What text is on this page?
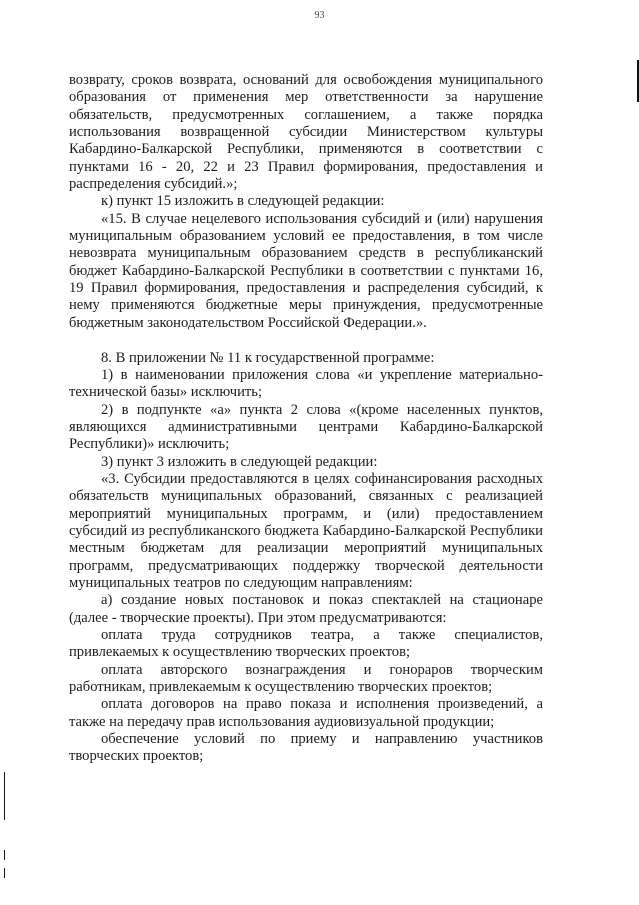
93

возврату, сроков возврата, оснований для освобождения муниципального образования от применения мер ответственности за нарушение обязательств, предусмотренных соглашением, а также порядка использования возвращенной субсидии Министерством культуры Кабардино-Балкарской Республики, применяются в соответствии с пунктами 16 - 20, 22 и 23 Правил формирования, предоставления и распределения субсидий.»;

к) пункт 15 изложить в следующей редакции:

«15. В случае нецелевого использования субсидий и (или) нарушения муниципальным образованием условий ее предоставления, в том числе невозврата муниципальным образованием средств в республиканский бюджет Кабардино-Балкарской Республики в соответствии с пунктами 16, 19 Правил формирования, предоставления и распределения субсидий, к нему применяются бюджетные меры принуждения, предусмотренные бюджетным законодательством Российской Федерации.».

8. В приложении № 11 к государственной программе:

1) в наименовании приложения слова «и укрепление материально-технической базы» исключить;

2) в подпункте «а» пункта 2 слова «(кроме населенных пунктов, являющихся административными центрами Кабардино-Балкарской Республики)» исключить;

3) пункт 3 изложить в следующей редакции:

«3. Субсидии предоставляются в целях софинансирования расходных обязательств муниципальных образований, связанных с реализацией мероприятий муниципальных программ, и (или) предоставлением субсидий из республиканского бюджета Кабардино-Балкарской Республики местным бюджетам для реализации мероприятий муниципальных программ, предусматривающих поддержку творческой деятельности муниципальных театров по следующим направлениям:

а) создание новых постановок и показ спектаклей на стационаре (далее - творческие проекты). При этом предусматриваются:

оплата труда сотрудников театра, а также специалистов, привлекаемых к осуществлению творческих проектов;

оплата авторского вознаграждения и гонораров творческим работникам, привлекаемым к осуществлению творческих проектов;

оплата договоров на право показа и исполнения произведений, а также на передачу прав использования аудиовизуальной продукции;

обеспечение условий по приему и направлению участников творческих проектов;
